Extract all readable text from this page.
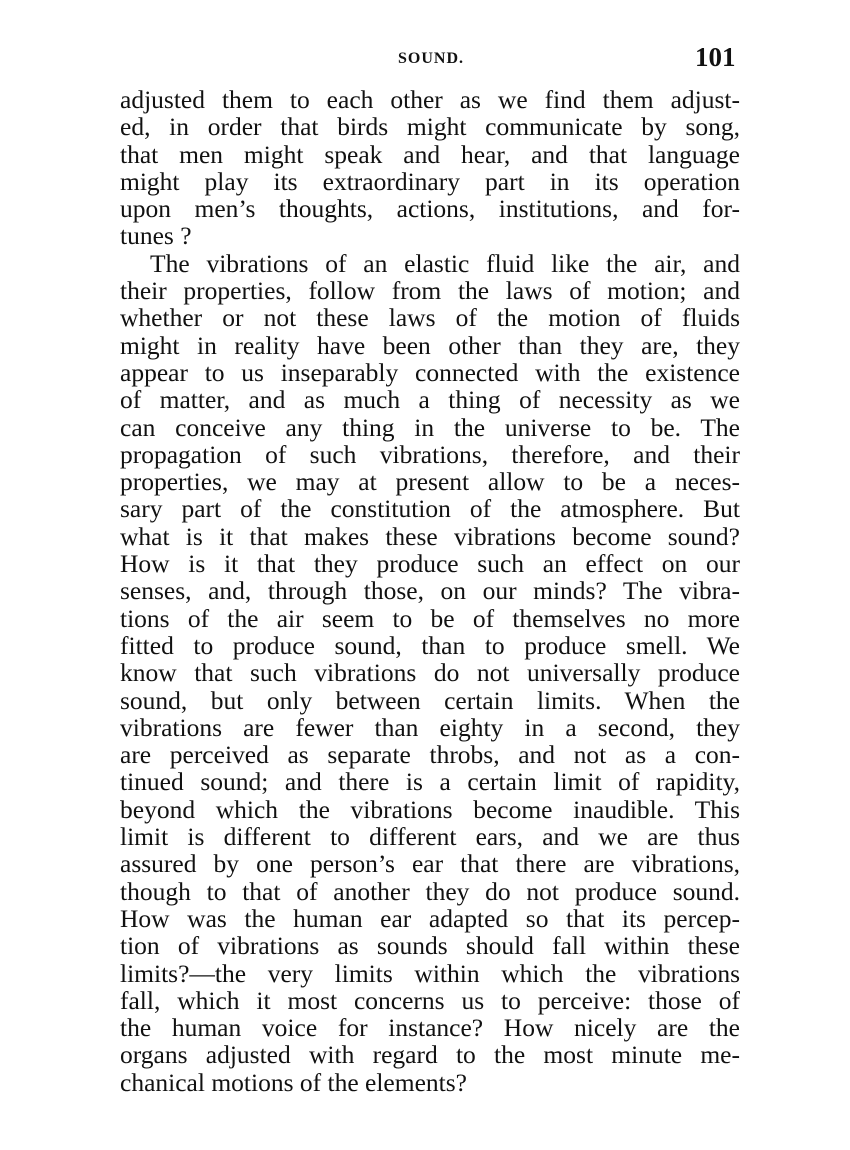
SOUND.	101
adjusted them to each other as we find them adjust-
ed, in order that birds might communicate by song,
that men might speak and hear, and that language
might play its extraordinary part in its operation
upon men’s thoughts, actions, institutions, and for-
tunes ?
The vibrations of an elastic fluid like the air, and
their properties, follow from the laws of motion; and
whether or not these laws of the motion of fluids
might in reality have been other than they are, they
appear to us inseparably connected with the existence
of matter, and as much a thing of necessity as we
can conceive any thing in the universe to be. The
propagation of such vibrations, therefore, and their
properties, we may at present allow to be a neces-
sary part of the constitution of the atmosphere. But
what is it that makes these vibrations become sound?
How is it that they produce such an effect on our
senses, and, through those, on our minds? The vibra-
tions of the air seem to be of themselves no more
fitted to produce sound, than to produce smell. We
know that such vibrations do not universally produce
sound, but only between certain limits. When the
vibrations are fewer than eighty in a second, they
are perceived as separate throbs, and not as a con-
tinued sound; and there is a certain limit of rapidity,
beyond which the vibrations become inaudible. This
limit is different to different ears, and we are thus
assured by one person’s ear that there are vibrations,
though to that of another they do not produce sound.
How was the human ear adapted so that its percep-
tion of vibrations as sounds should fall within these
limits?—the very limits within which the vibrations
fall, which it most concerns us to perceive: those of
the human voice for instance? How nicely are the
organs adjusted with regard to the most minute me-
chanical motions of the elements?
